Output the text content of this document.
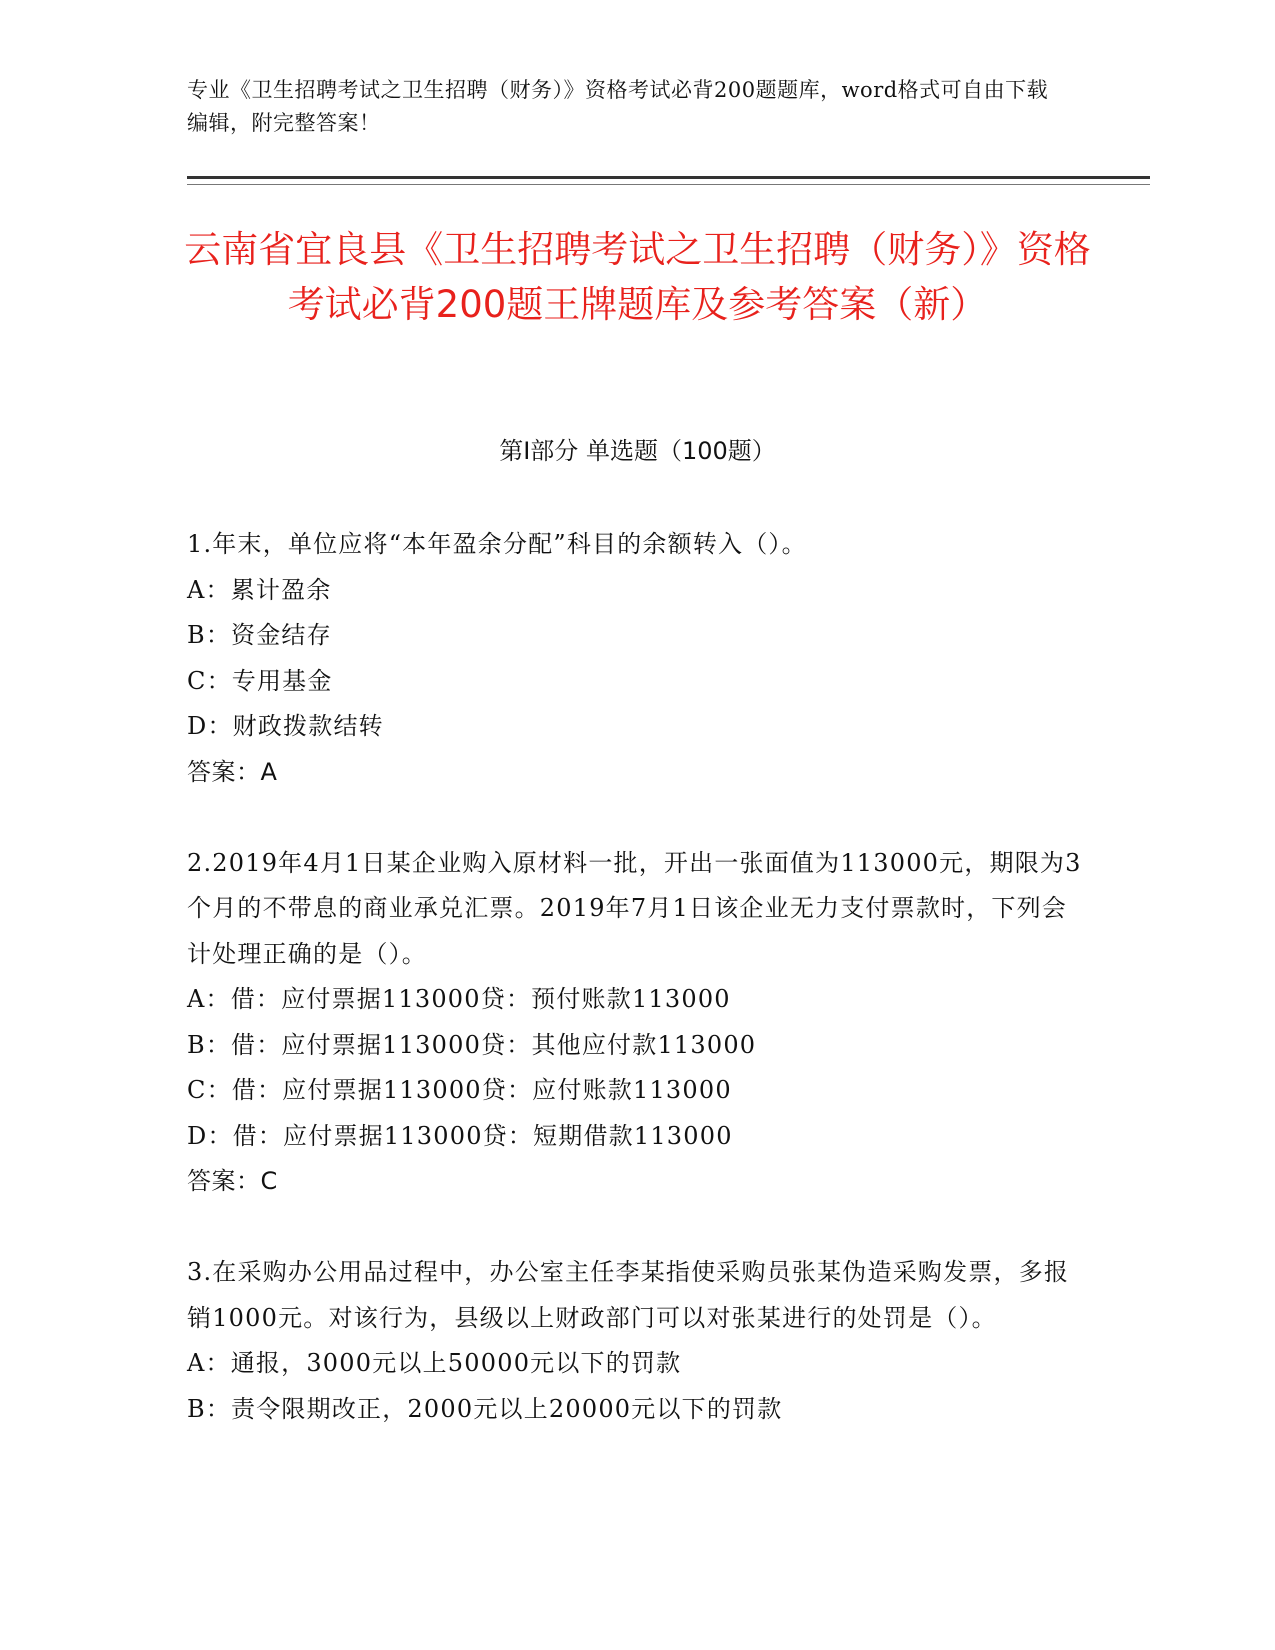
专业《卫生招聘考试之卫生招聘（财务）》资格考试必背200题题库，word格式可自由下载编辑，附完整答案！
云南省宜良县《卫生招聘考试之卫生招聘（财务）》资格考试必背200题王牌题库及参考答案（新）
第I部分 单选题（100题）

1.年末，单位应将“本年盈余分配”科目的余额转入（）。

A：累计盈余

B：资金结存

C：专用基金

D：财政拨款结转

答案：A

2.2019年4月1日某企业购入原材料一批，开出一张面值为113000元，期限为3个月的不带息的商业承兑汇票。2019年7月1日该企业无力支付票款时，下列会计处理正确的是（）。

A：借：应付票据113000贷：预付账款113000

B：借：应付票据113000贷：其他应付款113000

C：借：应付票据113000贷：应付账款113000

D：借：应付票据113000贷：短期借款113000

答案：C

3.在采购办公用品过程中，办公室主任李某指使采购员张某伪造采购发票，多报销1000元。对该行为，县级以上财政部门可以对张某进行的处罚是（）。

A：通报，3000元以上50000元以下的罚款

B：责令限期改正，2000元以上20000元以下的罚款
